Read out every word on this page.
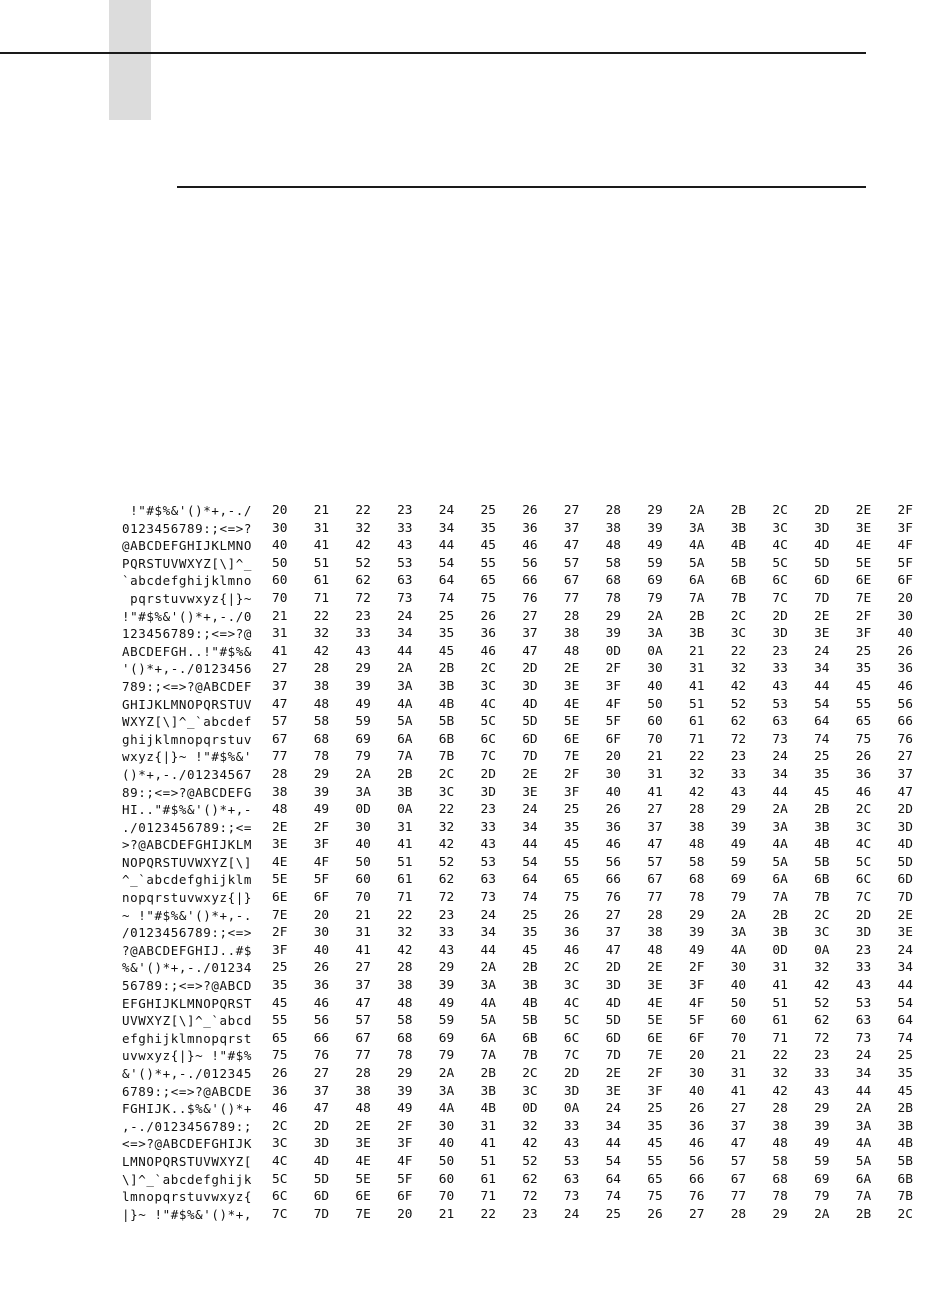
!"#$%&'()*+,-./ 20	21	22	23	24	25	26	27	28	29	2A	2B	2C	2D	2E	2F
0123456789:;<=>? 30	31	32	33	34	35	36	37	38	39	3A	3B	3C	3D	3E	3F
@ABCDEFGHIJKLMNO 40	41	42	43	44	45	46	47	48	49	4A	4B	4C	4D	4E	4F
PQRSTUVWXYZ[\]^_ 50	51	52	53	54	55	56	57	58	59	5A	5B	5C	5D	5E	5F
`abcdefghijklmno 60	61	62	63	64	65	66	67	68	69	6A	6B	6C	6D	6E	6F
pqrstuvwxyz{|}~ 70	71	72	73	74	75	76	77	78	79	7A	7B	7C	7D	7E	20
!"#$%&'()*+,-./0 21	22	23	24	25	26	27	28	29	2A	2B	2C	2D	2E	2F	30
123456789:;<=>?@ 31	32	33	34	35	36	37	38	39	3A	3B	3C	3D	3E	3F	40
ABCDEFGH..!"#$%& 41	42	43	44	45	46	47	48	0D	0A	21	22	23	24	25	26
'()*+,-./0123456 27	28	29	2A	2B	2C	2D	2E	2F	30	31	32	33	34	35	36
789:;<=>?@ABCDEF 37	38	39	3A	3B	3C	3D	3E	3F	40	41	42	43	44	45	46
GHIJKLMNOPQRSTUV 47	48	49	4A	4B	4C	4D	4E	4F	50	51	52	53	54	55	56
WXYZ[\]^_`abcdef 57	58	59	5A	5B	5C	5D	5E	5F	60	61	62	63	64	65	66
ghijklmnopqrstuv 67	68	69	6A	6B	6C	6D	6E	6F	70	71	72	73	74	75	76
wxyz{|}~ !"#$%&' 77	78	79	7A	7B	7C	7D	7E	20	21	22	23	24	25	26	27
()*+,-./01234567 28	29	2A	2B	2C	2D	2E	2F	30	31	32	33	34	35	36	37
89:;<=>?@ABCDEFG 38	39	3A	3B	3C	3D	3E	3F	40	41	42	43	44	45	46	47
HI.."#$%&'()*+,- 48	49	0D	0A	22	23	24	25	26	27	28	29	2A	2B	2C	2D
./0123456789:;<= 2E	2F	30	31	32	33	34	35	36	37	38	39	3A	3B	3C	3D
>?@ABCDEFGHIJKLM 3E	3F	40	41	42	43	44	45	46	47	48	49	4A	4B	4C	4D
NOPQRSTUVWXYZ[\] 4E	4F	50	51	52	53	54	55	56	57	58	59	5A	5B	5C	5D
^_`abcdefghijklm 5E	5F	60	61	62	63	64	65	66	67	68	69	6A	6B	6C	6D
nopqrstuvwxyz{|} 6E	6F	70	71	72	73	74	75	76	77	78	79	7A	7B	7C	7D
~ !"#$%&'()*+,-. 7E	20	21	22	23	24	25	26	27	28	29	2A	2B	2C	2D	2E
/0123456789:;<=> 2F	30	31	32	33	34	35	36	37	38	39	3A	3B	3C	3D	3E
?@ABCDEFGHIJ..#$ 3F	40	41	42	43	44	45	46	47	48	49	4A	0D	0A	23	24
%&'()*+,-./01234 25	26	27	28	29	2A	2B	2C	2D	2E	2F	30	31	32	33	34
56789:;<=>?@ABCD 35	36	37	38	39	3A	3B	3C	3D	3E	3F	40	41	42	43	44
EFGHIJKLMNOPQRST 45	46	47	48	49	4A	4B	4C	4D	4E	4F	50	51	52	53	54
UVWXYZ[\]^_`abcd 55	56	57	58	59	5A	5B	5C	5D	5E	5F	60	61	62	63	64
efghijklmnopqrst 65	66	67	68	69	6A	6B	6C	6D	6E	6F	70	71	72	73	74
uvwxyz{|}~ !"#$% 75	76	77	78	79	7A	7B	7C	7D	7E	20	21	22	23	24	25
&'()*+,-./012345 26	27	28	29	2A	2B	2C	2D	2E	2F	30	31	32	33	34	35
6789:;<=>?@ABCDE 36	37	38	39	3A	3B	3C	3D	3E	3F	40	41	42	43	44	45
FGHIJK..$%&'()*+ 46	47	48	49	4A	4B	0D	0A	24	25	26	27	28	29	2A	2B
,-./0123456789:; 2C	2D	2E	2F	30	31	32	33	34	35	36	37	38	39	3A	3B
<=>?@ABCDEFGHIJK 3C	3D	3E	3F	40	41	42	43	44	45	46	47	48	49	4A	4B
LMNOPQRSTUVWXYZ[ 4C	4D	4E	4F	50	51	52	53	54	55	56	57	58	59	5A	5B
\]^_`abcdefghijk 5C	5D	5E	5F	60	61	62	63	64	65	66	67	68	69	6A	6B
lmnopqrstuvwxyz{ 6C	6D	6E	6F	70	71	72	73	74	75	76	77	78	79	7A	7B
|}~ !"#$%&'()*+, 7C	7D	7E	20	21	22	23	24	25	26	27	28	29	2A	2B	2C
